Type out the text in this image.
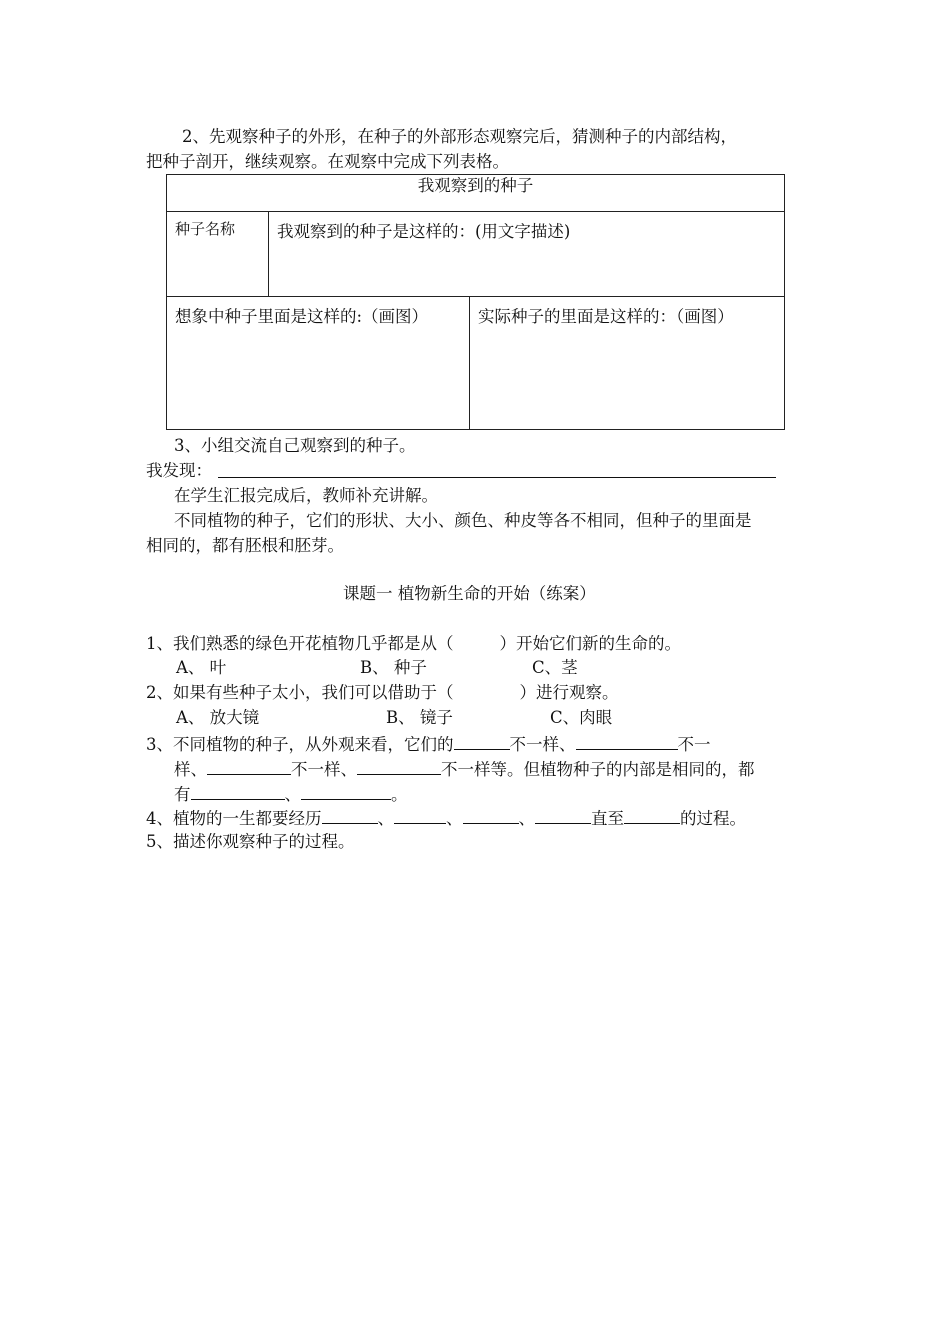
2、先观察种子的外形，在种子的外部形态观察完后，猜测种子的内部结构，
把种子剖开，继续观察。在观察中完成下列表格。
我观察到的种子		
种子名称	我观察到的种子是这样的：(用文字描述)	
想象中种子里面是这样的:（画图）		实际种子的里面是这样的：（画图）
3、小组交流自己观察到的种子。
我发现：
在学生汇报完成后，教师补充讲解。
不同植物的种子，它们的形状、大小、颜色、种皮等各不相同，但种子的里面是
相同的，都有胚根和胚芽。
课题一 植物新生命的开始（练案）
1、我们熟悉的绿色开花植物几乎都是从（	）开始它们新的生命的。
A、 叶	B、 种子	C、茎
2、如果有些种子太小，我们可以借助于（	）进行观察。
A、 放大镜	B、 镜子	C、肉眼
3、不同植物的种子，从外观来看，它们的	不一样、	不一
样、	不一样、	不一样等。但植物种子的内部是相同的，都
有	、	。
4、植物的一生都要经历	、	、	、	直至	的过程。
5、描述你观察种子的过程。
